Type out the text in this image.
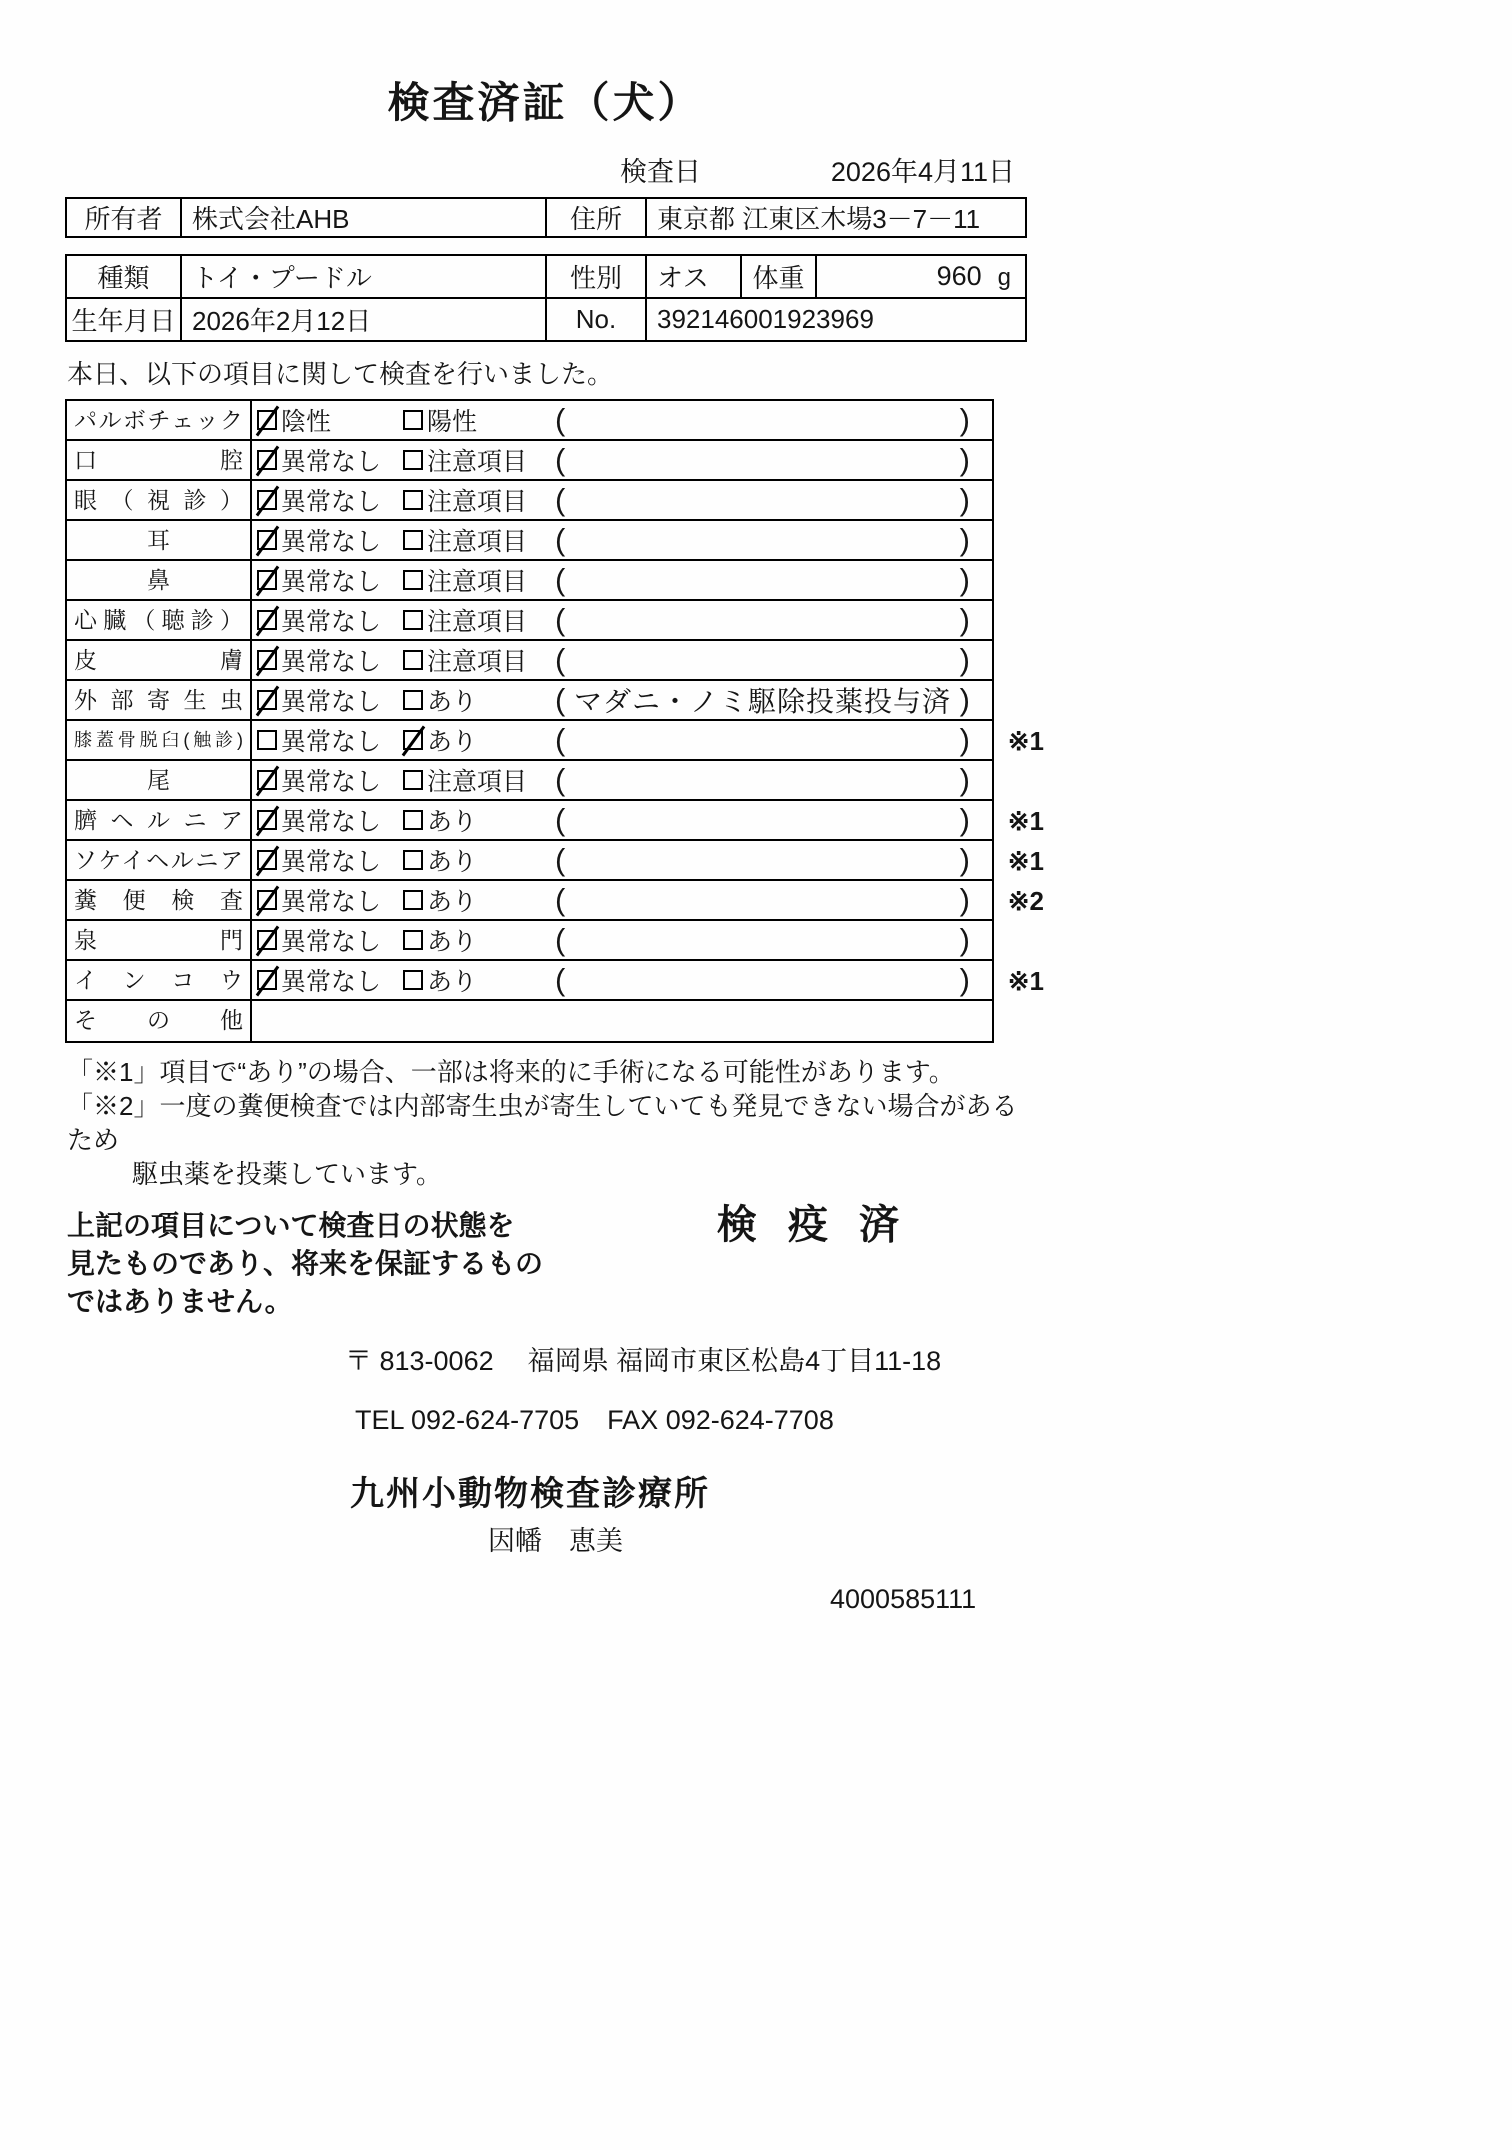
検査済証（犬）
検査日	2026年4月11日
所有者	株式会社AHB	住所	東京都 江東区木場3－7－11
種類	トイ・プードル	性別	オス	体重	960 g

生年月日	2026年2月12日	No.	392146001923969		
本日、以下の項目に関して検査を行いました。
パルボチェック	陰性	陽性	(	)
口腔	異常なし 注意項目 (	)
眼（視診）	異常なし 注意項目 (	)
耳	異常なし 注意項目 (	)
鼻	異常なし 注意項目 (	)
心臓（聴診）	異常なし 注意項目 (	)
皮膚	異常なし 注意項目 (	)
外部寄生虫	異常なし あり	( マダニ・ノミ駆除投薬投与済 )
膝蓋骨脱臼(触診)	異常なし あり	(	) ※1
尾	異常なし 注意項目 (	)
臍ヘルニア	異常なし あり	(	) ※1
ソケイヘルニア	異常なし あり	(	) ※1
糞便検査	異常なし あり	(	) ※2
泉門	異常なし あり	(	)
インコウ	異常なし あり	(	) ※1
その他
「※1」項目で“あり”の場合、一部は将来的に手術になる可能性があります。
「※2」一度の糞便検査では内部寄生虫が寄生していても発見できない場合があるため
駆虫薬を投薬しています。
上記の項目について検査日の状態を
見たものであり、将来を保証するもの
ではありません。
検 疫 済
〒 813-0062 福岡県 福岡市東区松島4丁目11-18
TEL 092-624-7705 FAX 092-624-7708
九州小動物検査診療所
因幡　恵美
4000585111
